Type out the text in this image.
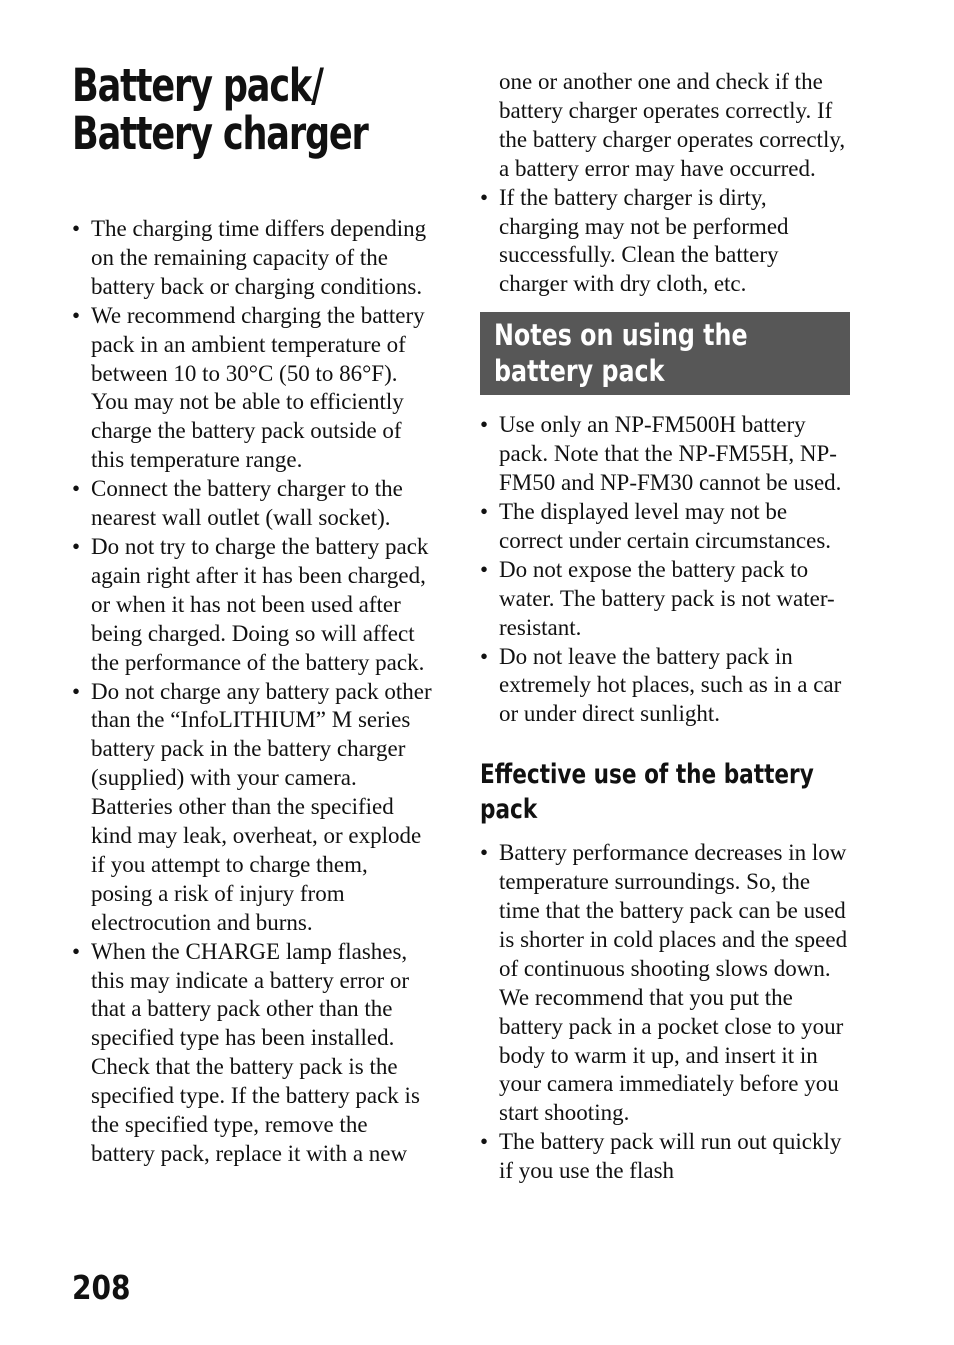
Battery pack/
Battery charger
• The charging time differs depending on the remaining capacity of the battery back or charging conditions.
• We recommend charging the battery pack in an ambient temperature of between 10 to 30°C (50 to 86°F). You may not be able to efficiently charge the battery pack outside of this temperature range.
• Connect the battery charger to the nearest wall outlet (wall socket).
• Do not try to charge the battery pack again right after it has been charged, or when it has not been used after being charged. Doing so will affect the performance of the battery pack.
• Do not charge any battery pack other than the “InfoLITHIUM” M series battery pack in the battery charger (supplied) with your camera. Batteries other than the specified kind may leak, overheat, or explode if you attempt to charge them, posing a risk of injury from electrocution and burns.
• When the CHARGE lamp flashes, this may indicate a battery error or that a battery pack other than the specified type has been installed. Check that the battery pack is the specified type. If the battery pack is the specified type, remove the battery pack, replace it with a new
one or another one and check if the battery charger operates correctly. If the battery charger operates correctly, a battery error may have occurred.
• If the battery charger is dirty, charging may not be performed successfully. Clean the battery charger with dry cloth, etc.
Notes on using the
battery pack
• Use only an NP-FM500H battery pack. Note that the NP-FM55H, NP-FM50 and NP-FM30 cannot be used.
• The displayed level may not be correct under certain circumstances.
• Do not expose the battery pack to water. The battery pack is not water-resistant.
• Do not leave the battery pack in extremely hot places, such as in a car or under direct sunlight.
Effective use of the battery
pack
• Battery performance decreases in low temperature surroundings. So, the time that the battery pack can be used is shorter in cold places and the speed of continuous shooting slows down. We recommend that you put the battery pack in a pocket close to your body to warm it up, and insert it in your camera immediately before you start shooting.
• The battery pack will run out quickly if you use the flash
208
